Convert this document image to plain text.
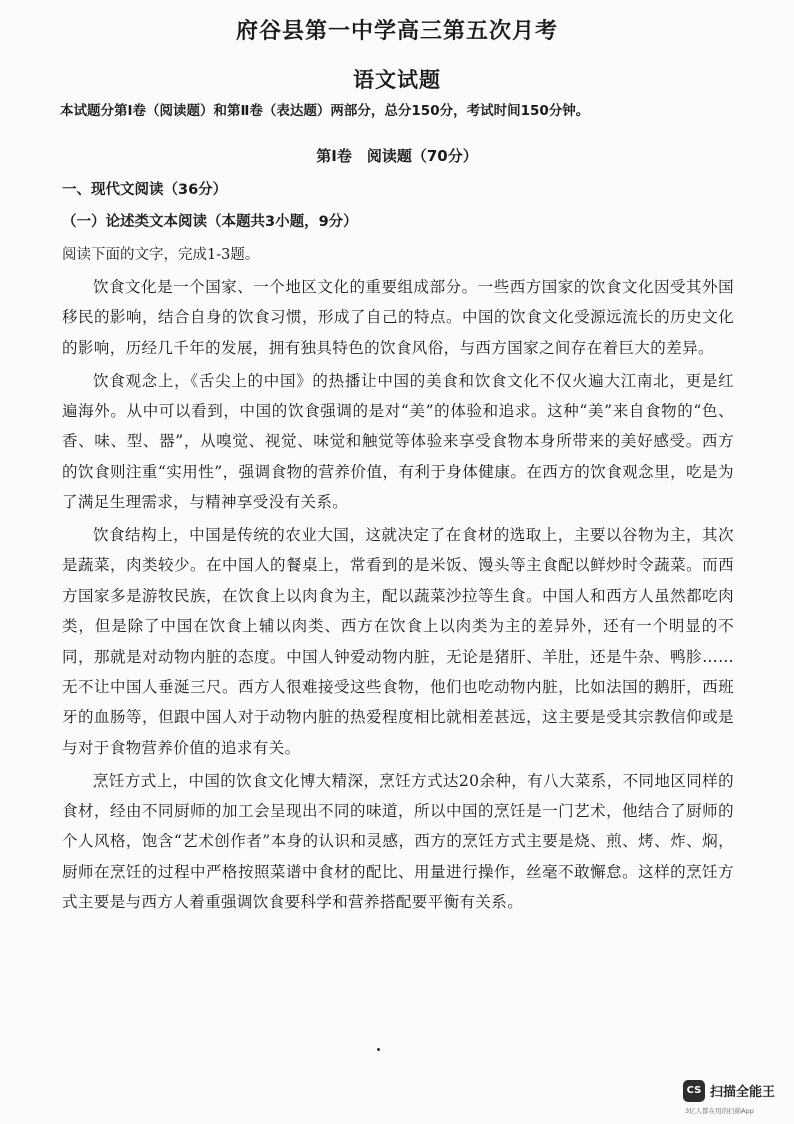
府谷县第一中学高三第五次月考
语文试题
本试题分第Ⅰ卷（阅读题）和第Ⅱ卷（表达题）两部分，总分150分，考试时间150分钟。
第Ⅰ卷　阅读题（70分）
一、现代文阅读（36分）
（一）论述类文本阅读（本题共3小题，9分）
阅读下面的文字，完成1-3题。

饮食文化是一个国家、一个地区文化的重要组成部分。一些西方国家的饮食文化因受其外国移民的影响，结合自身的饮食习惯，形成了自己的特点。中国的饮食文化受源远流长的历史文化的影响，历经几千年的发展，拥有独具特色的饮食风俗，与西方国家之间存在着巨大的差异。

饮食观念上，《舌尖上的中国》的热播让中国的美食和饮食文化不仅火遍大江南北，更是红遍海外。从中可以看到，中国的饮食强调的是对“美”的体验和追求。这种“美”来自食物的“色、香、味、型、器”，从嗅觉、视觉、味觉和触觉等体验来享受食物本身所带来的美好感受。西方的饮食则注重“实用性”，强调食物的营养价值，有利于身体健康。在西方的饮食观念里，吃是为了满足生理需求，与精神享受没有关系。

饮食结构上，中国是传统的农业大国，这就决定了在食材的选取上，主要以谷物为主，其次是蔬菜，肉类较少。在中国人的餐桌上，常看到的是米饭、馒头等主食配以鲜炒时令蔬菜。而西方国家多是游牧民族，在饮食上以肉食为主，配以蔬菜沙拉等生食。中国人和西方人虽然都吃肉类，但是除了中国在饮食上辅以肉类、西方在饮食上以肉类为主的差异外，还有一个明显的不同，那就是对动物内脏的态度。中国人钟爱动物内脏，无论是猪肝、羊肚，还是牛杂、鸭胗……无不让中国人垂涎三尺。西方人很难接受这些食物，他们也吃动物内脏，比如法国的鹅肝，西班牙的血肠等，但跟中国人对于动物内脏的热爱程度相比就相差甚远，这主要是受其宗教信仰或是与对于食物营养价值的追求有关。

烹饪方式上，中国的饮食文化博大精深，烹饪方式达20余种，有八大菜系，不同地区同样的食材，经由不同厨师的加工会呈现出不同的味道，所以中国的烹饪是一门艺术，他结合了厨师的个人风格，饱含“艺术创作者”本身的认识和灵感，西方的烹饪方式主要是烧、煎、烤、炸、焖，厨师在烹饪的过程中严格按照菜谱中食材的配比、用量进行操作，丝毫不敢懈怠。这样的烹饪方式主要是与西方人着重强调饮食要科学和营养搭配要平衡有关系。

CS 扫描全能王
3亿人都在用的扫描App
